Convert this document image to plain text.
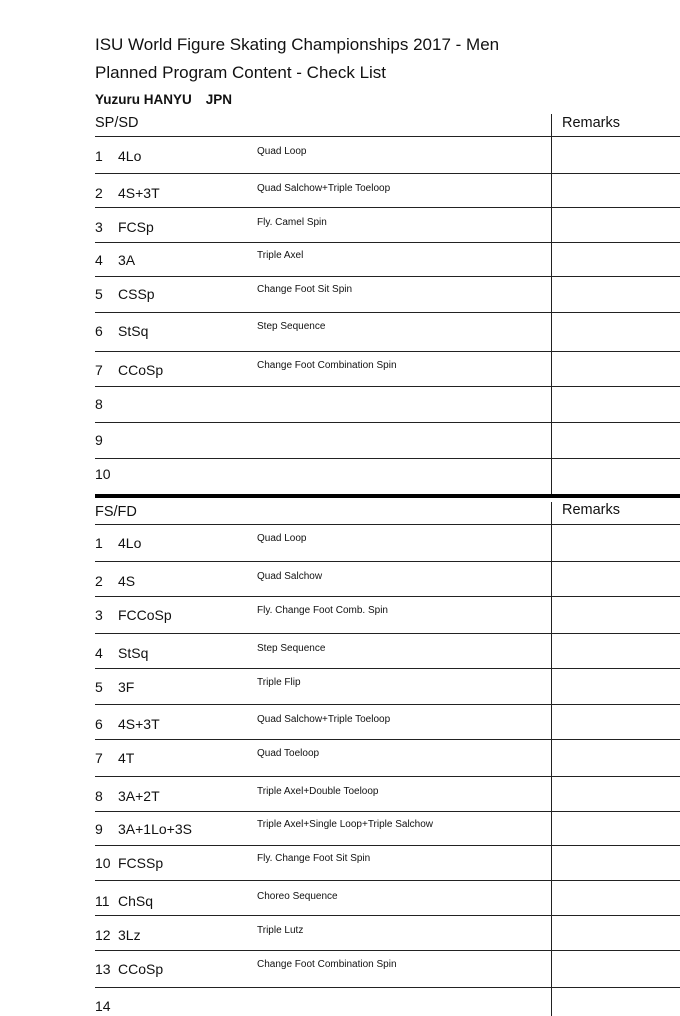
ISU World Figure Skating Championships 2017 - Men
Planned Program Content - Check List
Yuzuru HANYU JPN
SP/SD	Remarks
1 4Lo	Quad Loop
2 4S+3T	Quad Salchow+Triple Toeloop
3 FCSp	Fly. Camel Spin
4 3A	Triple Axel
5 CSSp	Change Foot Sit Spin
6 StSq	Step Sequence
7 CCoSp	Change Foot Combination Spin
8
9
10
FS/FD	Remarks
1 4Lo	Quad Loop
2 4S	Quad Salchow
3 FCCoSp	Fly. Change Foot Comb. Spin
4 StSq	Step Sequence
5 3F	Triple Flip
6 4S+3T	Quad Salchow+Triple Toeloop
7 4T	Quad Toeloop
8 3A+2T	Triple Axel+Double Toeloop
9 3A+1Lo+3S	Triple Axel+Single Loop+Triple Salchow
10 FCSSp	Fly. Change Foot Sit Spin
11 ChSq	Choreo Sequence
12 3Lz	Triple Lutz
13 CCoSp	Change Foot Combination Spin
14
